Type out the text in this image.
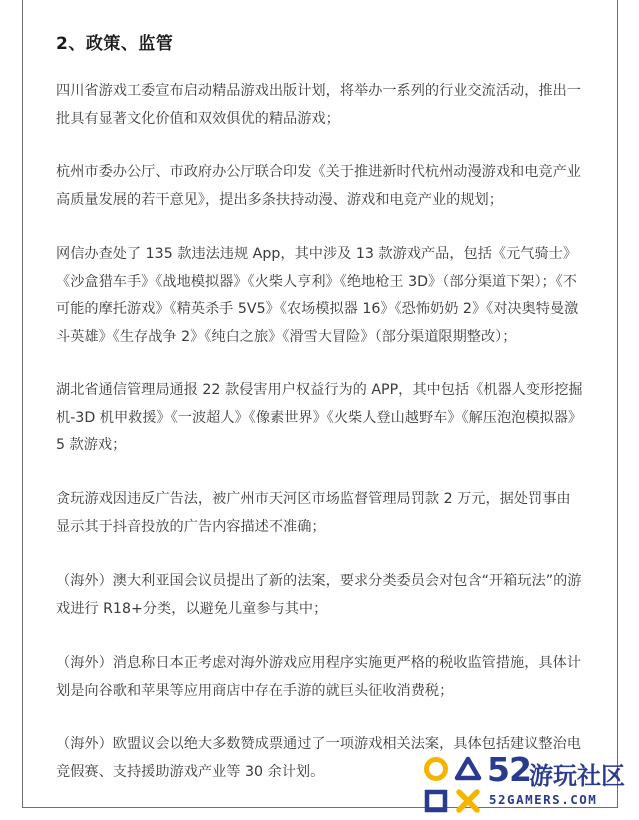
2、政策、监管

四川省游戏工委宣布启动精品游戏出版计划，将举办一系列的行业交流活动，推出一批具有显著文化价值和双效俱优的精品游戏；

杭州市委办公厅、市政府办公厅联合印发《关于推进新时代杭州动漫游戏和电竞产业高质量发展的若干意见》，提出多条扶持动漫、游戏和电竞产业的规划；

网信办查处了 135 款违法违规 App，其中涉及 13 款游戏产品，包括《元气骑士》《沙盒猎车手》《战地模拟器》《火柴人亨利》《绝地枪王 3D》（部分渠道下架）；《不可能的摩托游戏》《精英杀手 5V5》《农场模拟器 16》《恐怖奶奶 2》《对决奥特曼激斗英雄》《生存战争 2》《纯白之旅》《滑雪大冒险》（部分渠道限期整改）；

湖北省通信管理局通报 22 款侵害用户权益行为的 APP，其中包括《机器人变形挖掘机-3D 机甲救援》《一波超人》《像素世界》《火柴人登山越野车》《解压泡泡模拟器》5 款游戏；

贪玩游戏因违反广告法，被广州市天河区市场监督管理局罚款 2 万元，据处罚事由显示其于抖音投放的广告内容描述不准确；

（海外）澳大利亚国会议员提出了新的法案，要求分类委员会对包含“开箱玩法”的游戏进行 R18+分类，以避免儿童参与其中；

（海外）消息称日本正考虑对海外游戏应用程序实施更严格的税收监管措施，具体计划是向谷歌和苹果等应用商店中存在手游的就巨头征收消费税；

（海外）欧盟议会以绝大多数赞成票通过了一项游戏相关法案，具体包括建议整治电竞假赛、支持援助游戏产业等 30 余计划。	52
游玩社区
52GAMERS.COM
